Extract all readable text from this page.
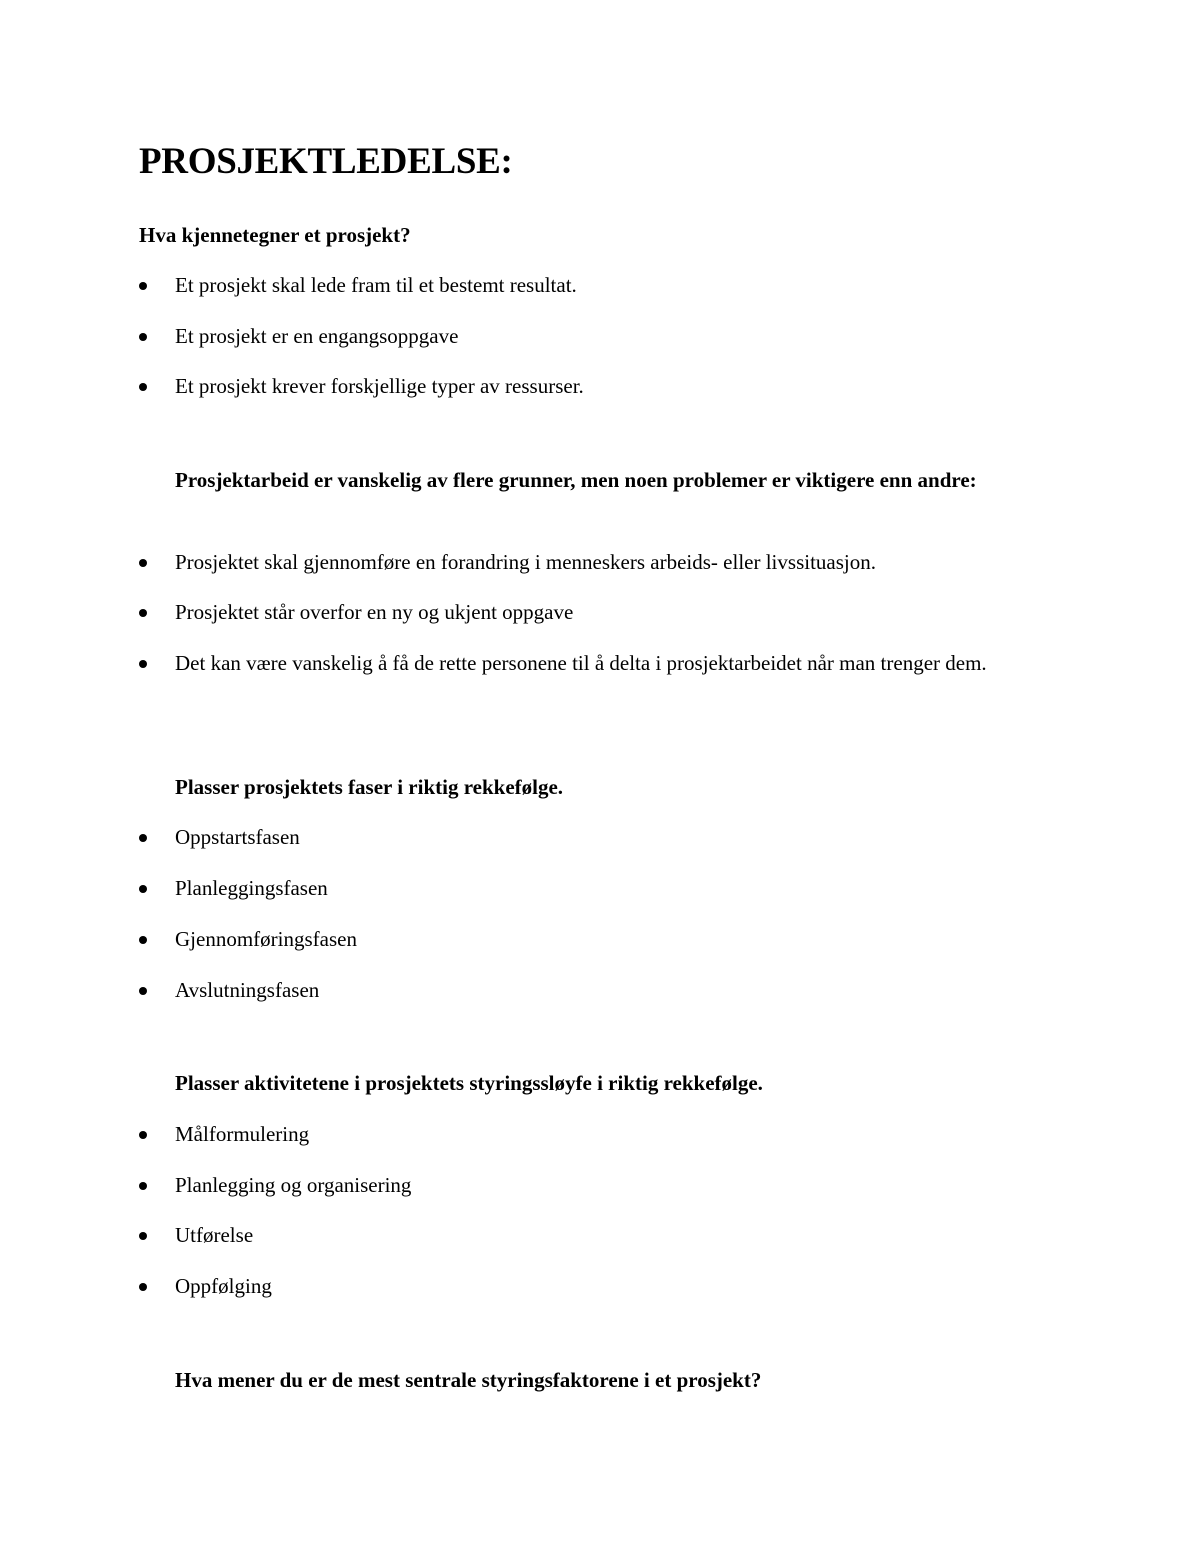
PROSJEKTLEDELSE:
Hva kjennetegner et prosjekt?
Et prosjekt skal lede fram til et bestemt resultat.
Et prosjekt er en engangsoppgave
Et prosjekt krever forskjellige typer av ressurser.
Prosjektarbeid er vanskelig av flere grunner, men noen problemer er viktigere enn andre:
Prosjektet skal gjennomføre en forandring i menneskers arbeids- eller livssituasjon.
Prosjektet står overfor en ny og ukjent oppgave
Det kan være vanskelig å få de rette personene til å delta i prosjektarbeidet når man trenger dem.
Plasser prosjektets faser i riktig rekkefølge.
Oppstartsfasen
Planleggingsfasen
Gjennomføringsfasen
Avslutningsfasen
Plasser aktivitetene i prosjektets styringssløyfe i riktig rekkefølge.
Målformulering
Planlegging og organisering
Utførelse
Oppfølging
Hva mener du er de mest sentrale styringsfaktorene i et prosjekt?
